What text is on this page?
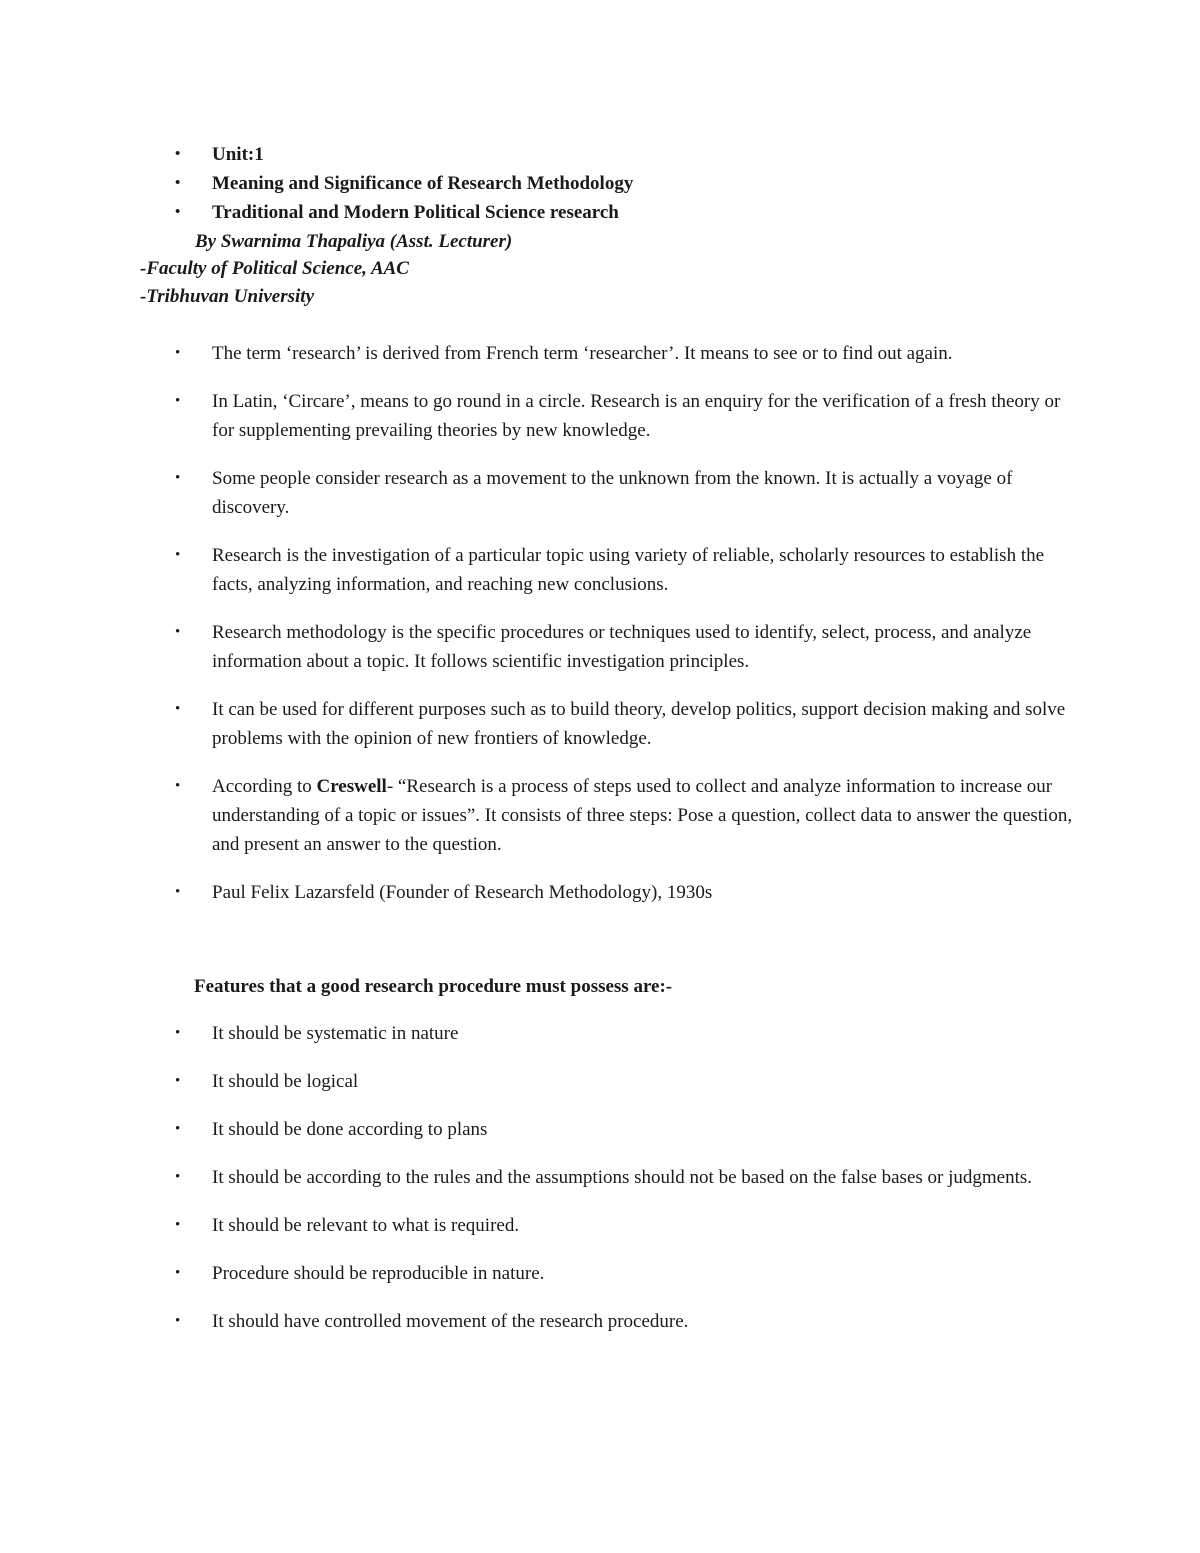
• Unit:1
• Meaning and Significance of Research Methodology
• Traditional and Modern Political Science research
By Swarnima Thapaliya (Asst. Lecturer)
-Faculty of Political Science, AAC
-Tribhuvan University
• The term ‘research’ is derived from French term ‘researcher’. It means to see or to find out again.
• In Latin, ‘Circare’, means to go round in a circle. Research is an enquiry for the verification of a fresh theory or for supplementing prevailing theories by new knowledge.
• Some people consider research as a movement to the unknown from the known. It is actually a voyage of discovery.
• Research is the investigation of a particular topic using variety of reliable, scholarly resources to establish the facts, analyzing information, and reaching new conclusions.
• Research methodology is the specific procedures or techniques used to identify, select, process, and analyze information about a topic. It follows scientific investigation principles.
• It can be used for different purposes such as to build theory, develop politics, support decision making and solve problems with the opinion of new frontiers of knowledge.
• According to Creswell- “Research is a process of steps used to collect and analyze information to increase our understanding of a topic or issues”. It consists of three steps: Pose a question, collect data to answer the question, and present an answer to the question.
• Paul Felix Lazarsfeld (Founder of Research Methodology), 1930s
Features that a good research procedure must possess are:-
• It should be systematic in nature
• It should be logical
• It should be done according to plans
• It should be according to the rules and the assumptions should not be based on the false bases or judgments.
• It should be relevant to what is required.
• Procedure should be reproducible in nature.
• It should have controlled movement of the research procedure.
